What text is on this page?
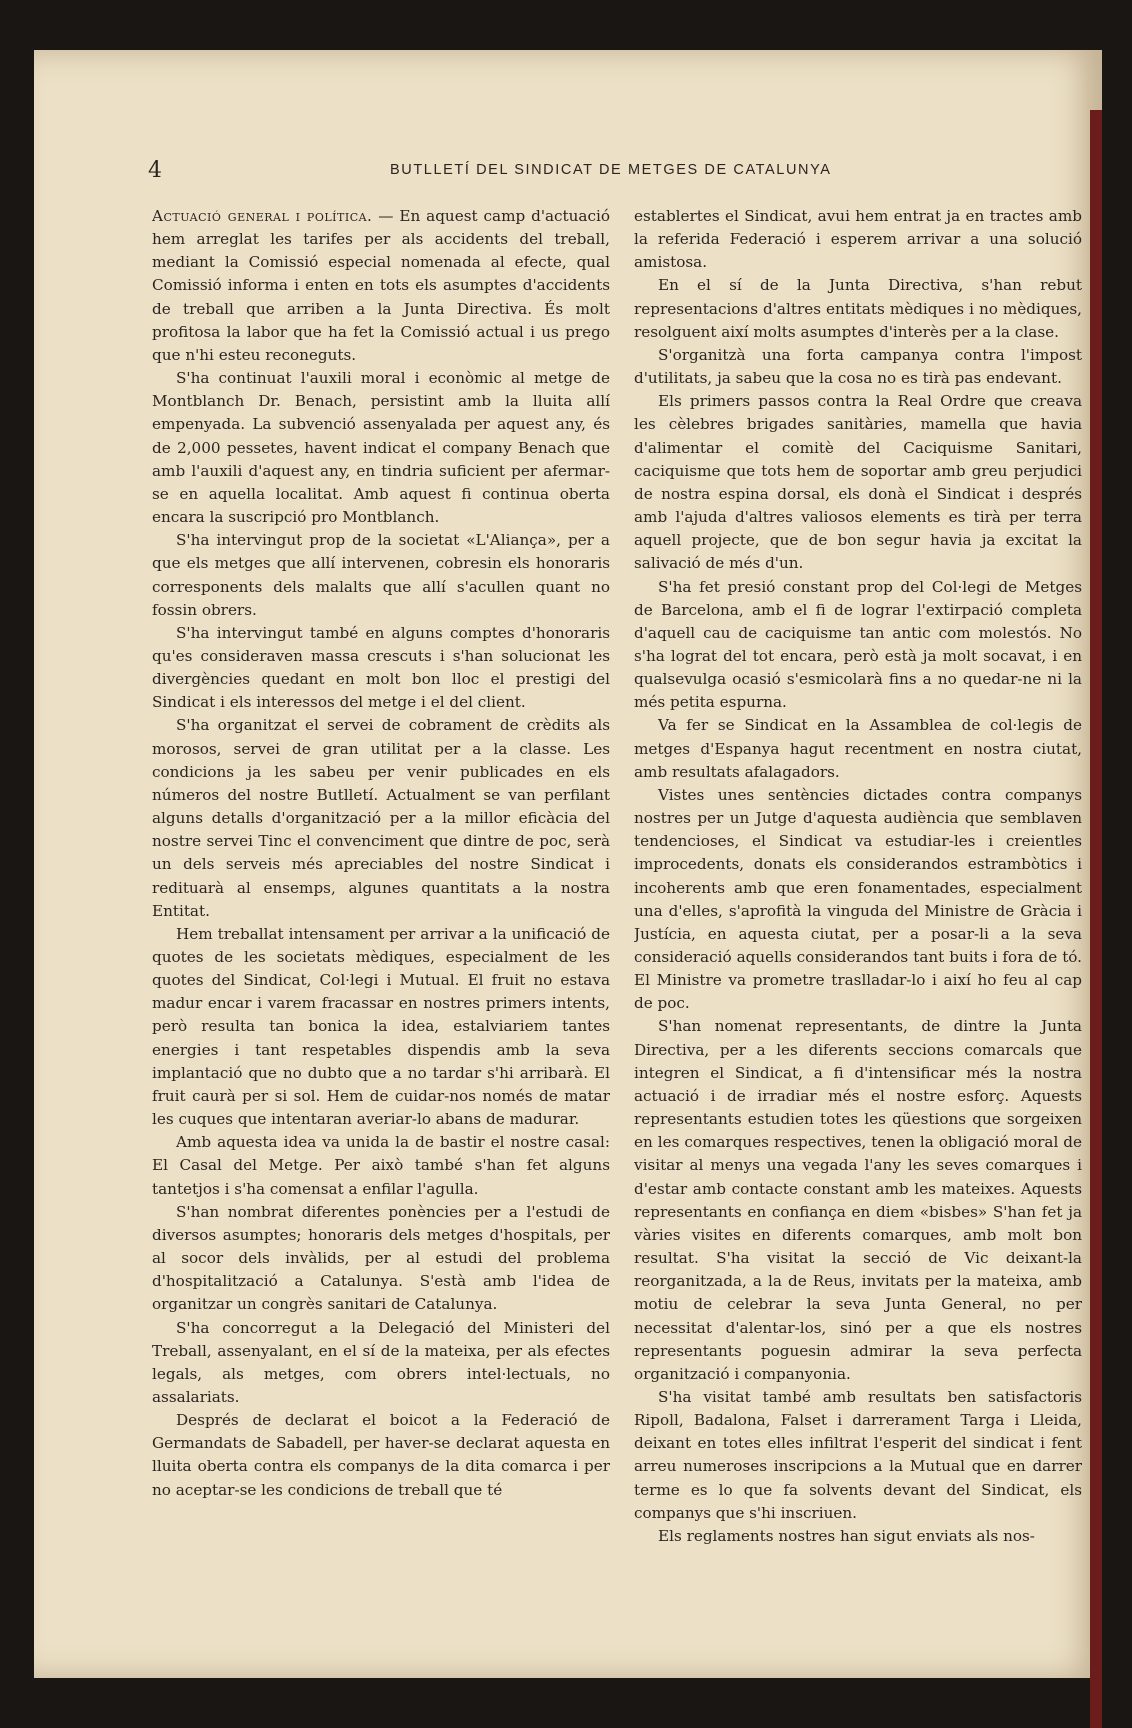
4	BUTLLETÍ DEL SINDICAT DE METGES DE CATALUNYA

Actuació general i política. — En aquest camp d'actuació hem arreglat les tarifes per als accidents del treball, mediant la Comissió especial nomenada al efecte, qual Comissió informa i enten en tots els asumptes d'accidents de treball que arriben a la Junta Directiva. És molt profitosa la labor que ha fet la Comissió actual i us prego que n'hi esteu reconeguts.

S'ha continuat l'auxili moral i econòmic al metge de Montblanch Dr. Benach, persistint amb la lluita allí empenyada. La subvenció assenyalada per aquest any, és de 2,000 pessetes, havent indicat el company Benach que amb l'auxili d'aquest any, en tindria suficient per afermar-se en aquella localitat. Amb aquest fi continua oberta encara la suscripció pro Montblanch.

S'ha intervingut prop de la societat «L'Aliança», per a que els metges que allí intervenen, cobresin els honoraris corresponents dels malalts que allí s'acullen quant no fossin obrers.

S'ha intervingut també en alguns comptes d'honoraris qu'es consideraven massa crescuts i s'han solucionat les divergències quedant en molt bon lloc el prestigi del Sindicat i els interessos del metge i el del client.

S'ha organitzat el servei de cobrament de crèdits als morosos, servei de gran utilitat per a la classe. Les condicions ja les sabeu per venir publicades en els números del nostre Butlletí. Actualment se van perfilant alguns detalls d'organització per a la millor eficàcia del nostre servei Tinc el convenciment que dintre de poc, serà un dels serveis més apreciables del nostre Sindicat i redituarà al ensemps, algunes quantitats a la nostra Entitat.

Hem treballat intensament per arrivar a la unificació de quotes de les societats mèdiques, especialment de les quotes del Sindicat, Col·legi i Mutual. El fruit no estava madur encar i varem fracassar en nostres primers intents, però resulta tan bonica la idea, estalviariem tantes energies i tant respetables dispendis amb la seva implantació que no dubto que a no tardar s'hi arribarà. El fruit caurà per si sol. Hem de cuidar-nos només de matar les cuques que intentaran averiar-lo abans de madurar.

Amb aquesta idea va unida la de bastir el nostre casal: El Casal del Metge. Per això també s'han fet alguns tantetjos i s'ha comensat a enfilar l'agulla.

S'han nombrat diferentes ponències per a l'estudi de diversos asumptes; honoraris dels metges d'hospitals, per al socor dels invàlids, per al estudi del problema d'hospitalització a Catalunya. S'està amb l'idea de organitzar un congrès sanitari de Catalunya.

S'ha concorregut a la Delegació del Ministeri del Treball, assenyalant, en el sí de la mateixa, per als efectes legals, als metges, com obrers intel·lectuals, no assalariats.

Després de declarat el boicot a la Federació de Germandats de Sabadell, per haver-se declarat aquesta en lluita oberta contra els companys de la dita comarca i per no aceptar-se les condicions de treball que té

establertes el Sindicat, avui hem entrat ja en tractes amb la referida Federació i esperem arrivar a una solució amistosa.

En el sí de la Junta Directiva, s'han rebut representacions d'altres entitats mèdiques i no mèdiques, resolguent així molts asumptes d'interès per a la clase.

S'organitzà una forta campanya contra l'impost d'utilitats, ja sabeu que la cosa no es tirà pas endevant.

Els primers passos contra la Real Ordre que creava les cèlebres brigades sanitàries, mamella que havia d'alimentar el comitè del Caciquisme Sanitari, caciquisme que tots hem de soportar amb greu perjudici de nostra espina dorsal, els donà el Sindicat i després amb l'ajuda d'altres valiosos elements es tirà per terra aquell projecte, que de bon segur havia ja excitat la salivació de més d'un.

S'ha fet presió constant prop del Col·legi de Metges de Barcelona, amb el fi de lograr l'extirpació completa d'aquell cau de caciquisme tan antic com molestós. No s'ha lograt del tot encara, però està ja molt socavat, i en qualsevulga ocasió s'esmicolarà fins a no quedar-ne ni la més petita espurna.

Va fer se Sindicat en la Assamblea de col·legis de metges d'Espanya hagut recentment en nostra ciutat, amb resultats afalagadors.

Vistes unes sentències dictades contra companys nostres per un Jutge d'aquesta audiència que semblaven tendencioses, el Sindicat va estudiar-les i creientles improcedents, donats els considerandos estrambòtics i incoherents amb que eren fonamentades, especialment una d'elles, s'aprofità la vinguda del Ministre de Gràcia i Justícia, en aquesta ciutat, per a posar-li a la seva consideració aquells considerandos tant buits i fora de tó. El Ministre va prometre traslladar-lo i així ho feu al cap de poc.

S'han nomenat representants, de dintre la Junta Directiva, per a les diferents seccions comarcals que integren el Sindicat, a fi d'intensificar més la nostra actuació i de irradiar més el nostre esforç. Aquests representants estudien totes les qüestions que sorgeixen en les comarques respectives, tenen la obligació moral de visitar al menys una vegada l'any les seves comarques i d'estar amb contacte constant amb les mateixes. Aquests representants en confiança en diem «bisbes» S'han fet ja vàries visites en diferents comarques, amb molt bon resultat. S'ha visitat la secció de Vic deixant-la reorganitzada, a la de Reus, invitats per la mateixa, amb motiu de celebrar la seva Junta General, no per necessitat d'alentar-los, sinó per a que els nostres representants poguesin admirar la seva perfecta organització i companyonia.

S'ha visitat també amb resultats ben satisfactoris Ripoll, Badalona, Falset i darrerament Targa i Lleida, deixant en totes elles infiltrat l'esperit del sindicat i fent arreu numeroses inscripcions a la Mutual que en darrer terme es lo que fa solvents devant del Sindicat, els companys que s'hi inscriuen.

Els reglaments nostres han sigut enviats als nos-
